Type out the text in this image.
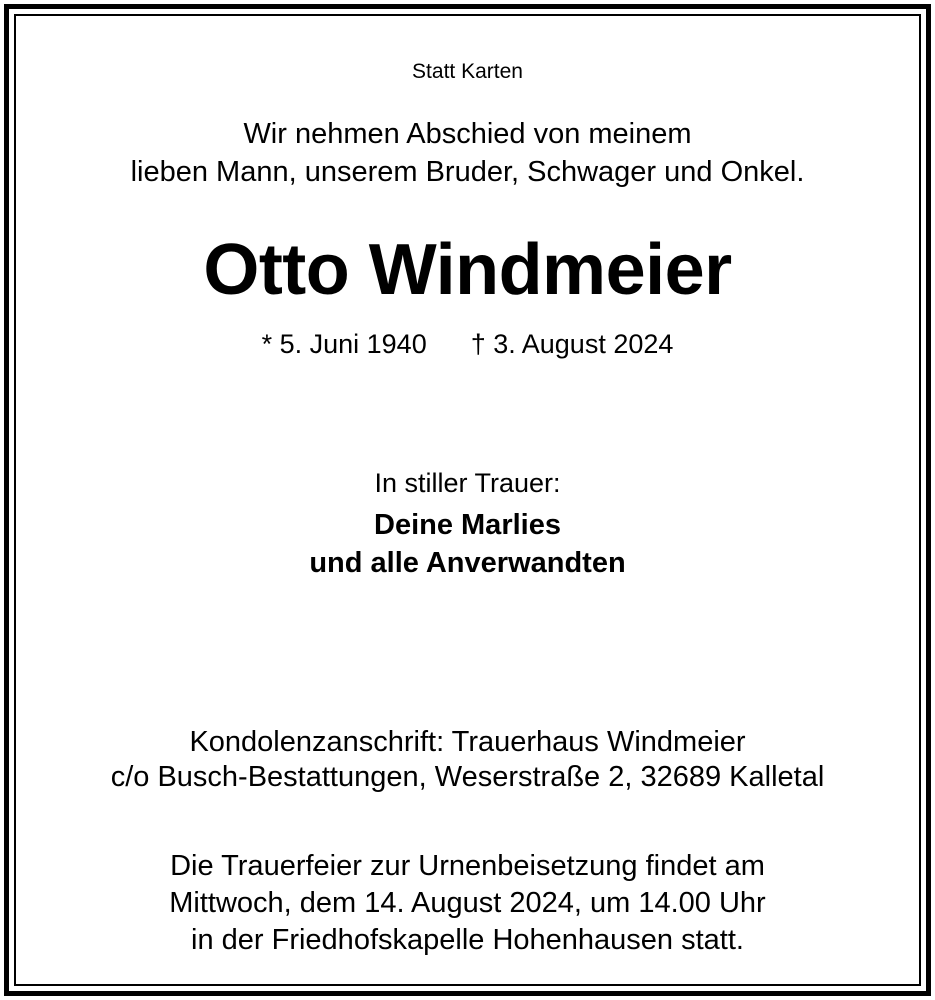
Statt Karten
Wir nehmen Abschied von meinem
lieben Mann, unserem Bruder, Schwager und Onkel.
Otto Windmeier
* 5. Juni 1940 † 3. August 2024
In stiller Trauer:
Deine Marlies
und alle Anverwandten
Kondolenzanschrift: Trauerhaus Windmeier
c/o Busch-Bestattungen, Weserstraße 2, 32689 Kalletal
Die Trauerfeier zur Urnenbeisetzung findet am
Mittwoch, dem 14. August 2024, um 14.00 Uhr
in der Friedhofskapelle Hohenhausen statt.
